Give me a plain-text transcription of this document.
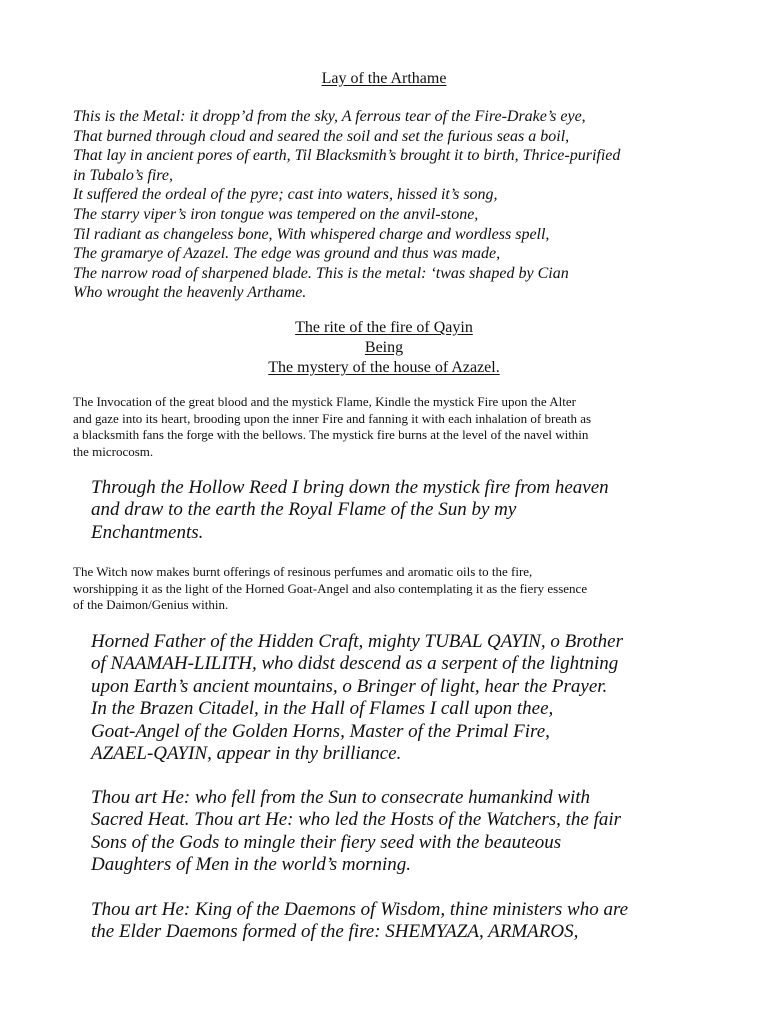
Lay of the Arthame
This is the Metal: it dropp’d from the sky, A ferrous tear of the Fire-Drake’s eye,
That burned through cloud and seared the soil and set the furious seas a boil,
That lay in ancient pores of earth, Til Blacksmith’s brought it to birth, Thrice-purified
in Tubalo’s fire,
It suffered the ordeal of the pyre; cast into waters, hissed it’s song,
The starry viper’s iron tongue was tempered on the anvil-stone,
Til radiant as changeless bone, With whispered charge and wordless spell,
The gramarye of Azazel. The edge was ground and thus was made,
The narrow road of sharpened blade. This is the metal: ‘twas shaped by Cian
Who wrought the heavenly Arthame.
The rite of the fire of Qayin
Being
The mystery of the house of Azazel.
The Invocation of the great blood and the mystick Flame, Kindle the mystick Fire upon the Alter
and gaze into its heart, brooding upon the inner Fire and fanning it with each inhalation of breath as
a blacksmith fans the forge with the bellows. The mystick fire burns at the level of the navel within
the microcosm.
Through the Hollow Reed I bring down the mystick fire from heaven
and draw to the earth the Royal Flame of the Sun by my
Enchantments.
The Witch now makes burnt offerings of resinous perfumes and aromatic oils to the fire,
worshipping it as the light of the Horned Goat-Angel and also contemplating it as the fiery essence
of the Daimon/Genius within.
Horned Father of the Hidden Craft, mighty TUBAL QAYIN, o Brother
of NAAMAH-LILITH, who didst descend as a serpent of the lightning
upon Earth’s ancient mountains, o Bringer of light, hear the Prayer.
In the Brazen Citadel, in the Hall of Flames I call upon thee,
Goat-Angel of the Golden Horns, Master of the Primal Fire,
AZAEL-QAYIN, appear in thy brilliance.
Thou art He: who fell from the Sun to consecrate humankind with
Sacred Heat. Thou art He: who led the Hosts of the Watchers, the fair
Sons of the Gods to mingle their fiery seed with the beauteous
Daughters of Men in the world’s morning.
Thou art He: King of the Daemons of Wisdom, thine ministers who are
the Elder Daemons formed of the fire: SHEMYAZA, ARMAROS,
